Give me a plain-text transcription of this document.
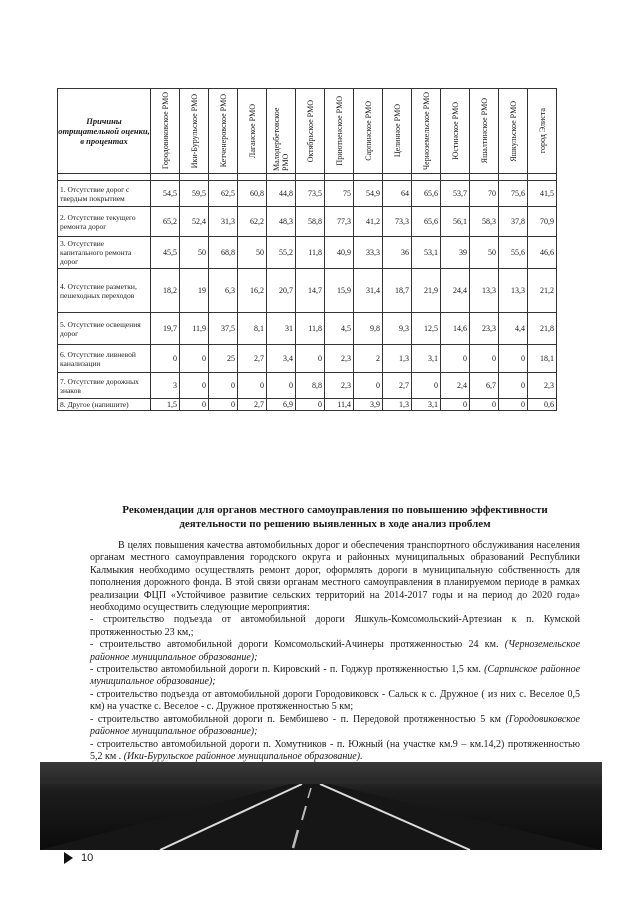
Причины отрицательной оценки, в процентах	Городовиковское РМО	Ики-Бурульское РМО	Кетченеровское РМО	Лаганское РМО	Малодербетовское РМО	Октябрьское РМО	Приютненское РМО	Сарпинское РМО	Целинное РМО	Черноземельское РМО	Юстинское РМО	Яшалтинское РМО	Яшкульское РМО	город Элиста

1. Отсутствие дорог с твердым покрытием	54,5	59,5	62,5	60,8	44,8	73,5	75	54,9	64	65,6	53,7	70	75,6	41,5
2. Отсутствие текущего ремонта дорог	65,2	52,4	31,3	62,2	48,3	58,8	77,3	41,2	73,3	65,6	56,1	58,3	37,8	70,9
3. Отсутствие капитального ремонта дорог	45,5	50	68,8	50	55,2	11,8	40,9	33,3	36	53,1	39	50	55,6	46,6
4. Отсутствие разметки, пешеходных переходов	18,2	19	6,3	16,2	20,7	14,7	15,9	31,4	18,7	21,9	24,4	13,3	13,3	21,2
5. Отсутствие освещения дорог	19,7	11,9	37,5	8,1	31	11,8	4,5	9,8	9,3	12,5	14,6	23,3	4,4	21,8
6. Отсутствие ливневой канализации	0	0	25	2,7	3,4	0	2,3	2	1,3	3,1	0	0	0	18,1
7. Отсутствие дорожных знаков	3	0	0	0	0	8,8	2,3	0	2,7	0	2,4	6,7	0	2,3
8. Другое (напишите)	1,5	0	0	2,7	6,9	0	11,4	3,9	1,3	3,1	0	0	0	0,6
Рекомендации для органов местного самоуправления по повышению эффективности деятельности по решению выявленных в ходе анализ проблем

В целях повышения качества автомобильных дорог и обеспечения транспортного обслуживания населения органам местного самоуправления городского округа и районных муниципальных образований Республики Калмыкия необходимо осуществлять ремонт дорог, оформлять дороги в муниципальную собственность для пополнения дорожного фонда. В этой связи органам местного самоуправления в планируемом периоде в рамках реализации ФЦП «Устойчивое развитие сельских территорий на 2014-2017 годы и на период до 2020 года» необходимо осуществить следующие мероприятия:

- строительство подъезда от автомобильной дороги Яшкуль-Комсомольский-Артезиан к п. Кумской протяженностью 23 км,;

- строительство автомобильной дороги Комсомольский-Ачинеры протяженностью 24 км. (Черноземельское районное муниципальное образование);

- строительство автомобильной дороги п. Кировский - п. Годжур протяженностью 1,5 км. (Сарпинское районное муниципальное образование);

- строительство подъезда от автомобильной дороги Городовиковск - Сальск к с. Дружное ( из них с. Веселое 0,5 км) на участке с. Веселое - с. Дружное протяженностью 5 км;

- строительство автомобильной дороги п. Бембишево - п. Передовой протяженностью 5 км (Городовиковское районное муниципальное образование);

- строительство автомобильной дороги п. Хомутников - п. Южный (на участке км.9 – км.14,2) протяженностью 5,2 км . (Ики-Бурульское районное муниципальное образование).

10
